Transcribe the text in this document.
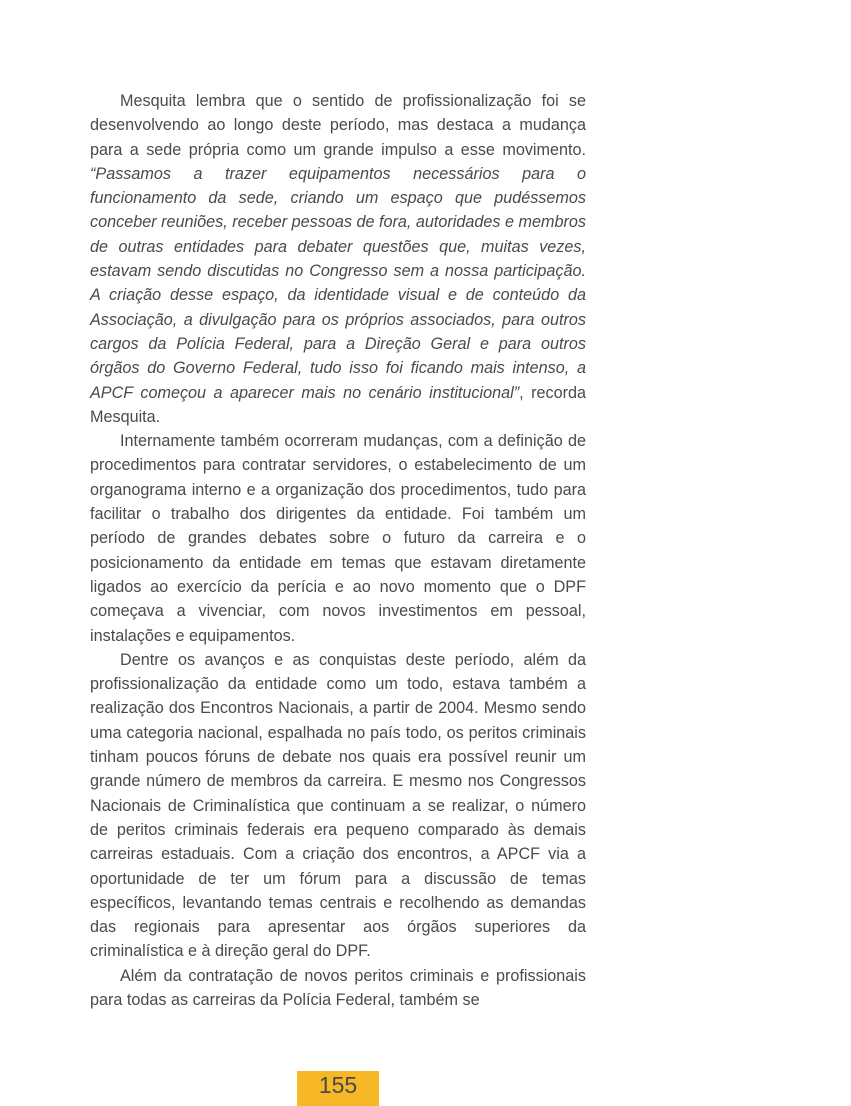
Mesquita lembra que o sentido de profissionalização foi se desenvolvendo ao longo deste período, mas destaca a mudança para a sede própria como um grande impulso a esse movimento. “Passamos a trazer equipamentos necessários para o funcionamento da sede, criando um espaço que pudéssemos conceber reuniões, receber pessoas de fora, autoridades e membros de outras entidades para debater questões que, muitas vezes, estavam sendo discutidas no Congresso sem a nossa participação. A criação desse espaço, da identidade visual e de conteúdo da Associação, a divulgação para os próprios associados, para outros cargos da Polícia Federal, para a Direção Geral e para outros órgãos do Governo Federal, tudo isso foi ficando mais intenso, a APCF começou a aparecer mais no cenário institucional”, recorda Mesquita.

Internamente também ocorreram mudanças, com a definição de procedimentos para contratar servidores, o estabelecimento de um organograma interno e a organização dos procedimentos, tudo para facilitar o trabalho dos dirigentes da entidade. Foi também um período de grandes debates sobre o futuro da carreira e o posicionamento da entidade em temas que estavam diretamente ligados ao exercício da perícia e ao novo momento que o DPF começava a vivenciar, com novos investimentos em pessoal, instalações e equipamentos.

Dentre os avanços e as conquistas deste período, além da profissionalização da entidade como um todo, estava também a realização dos Encontros Nacionais, a partir de 2004. Mesmo sendo uma categoria nacional, espalhada no país todo, os peritos criminais tinham poucos fóruns de debate nos quais era possível reunir um grande número de membros da carreira. E mesmo nos Congressos Nacionais de Criminalística que continuam a se realizar, o número de peritos criminais federais era pequeno comparado às demais carreiras estaduais. Com a criação dos encontros, a APCF via a oportunidade de ter um fórum para a discussão de temas específicos, levantando temas centrais e recolhendo as demandas das regionais para apresentar aos órgãos superiores da criminalística e à direção geral do DPF.

Além da contratação de novos peritos criminais e profissionais para todas as carreiras da Polícia Federal, também se

155
